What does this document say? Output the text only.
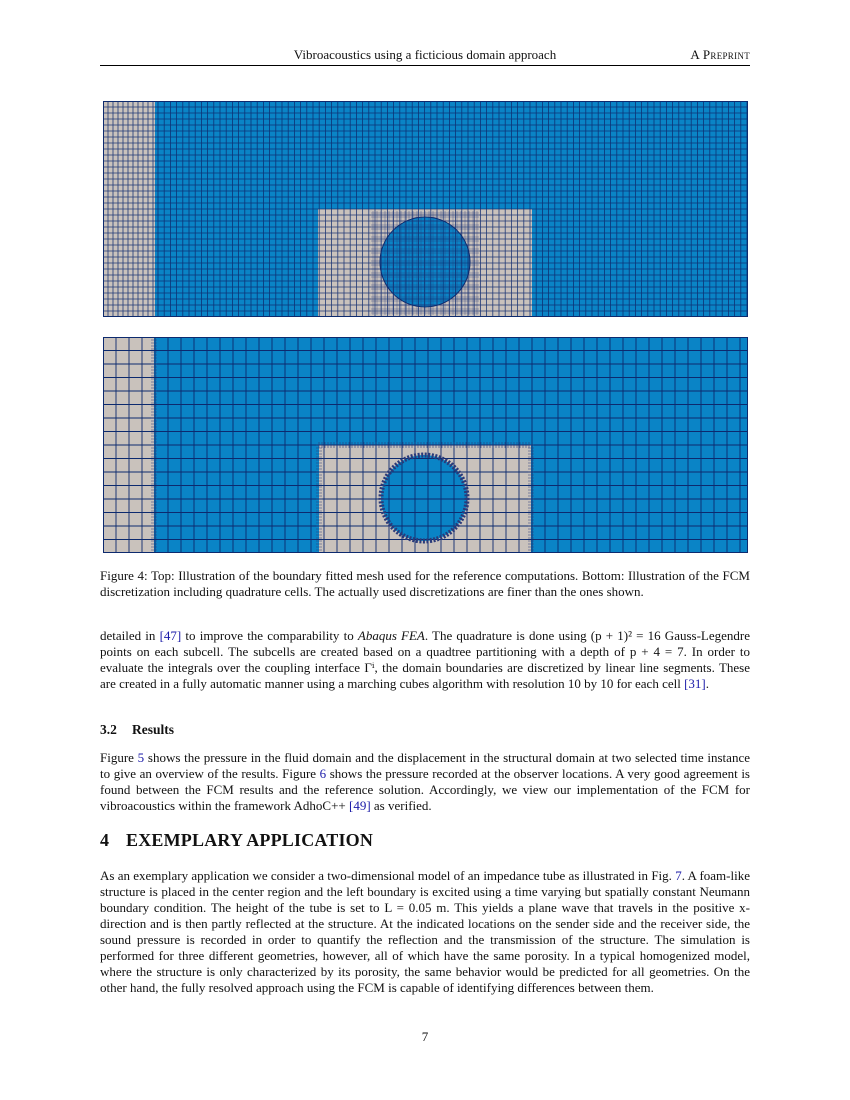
Vibroacoustics using a ficticious domain approach	A Preprint
Figure 4: Top: Illustration of the boundary fitted mesh used for the reference computations. Bottom: Illustration of the FCM discretization including quadrature cells. The actually used discretizations are finer than the ones shown.
detailed in [47] to improve the comparability to Abaqus FEA. The quadrature is done using (p + 1)² = 16 Gauss-Legendre points on each subcell. The subcells are created based on a quadtree partitioning with a depth of p + 4 = 7. In order to evaluate the integrals over the coupling interface Γⁱ, the domain boundaries are discretized by linear line segments. These are created in a fully automatic manner using a marching cubes algorithm with resolution 10 by 10 for each cell [31].
3.2 Results
Figure 5 shows the pressure in the fluid domain and the displacement in the structural domain at two selected time instance to give an overview of the results. Figure 6 shows the pressure recorded at the observer locations. A very good agreement is found between the FCM results and the reference solution. Accordingly, we view our implementation of the FCM for vibroacoustics within the framework AdhoC++ [49] as verified.
4 EXEMPLARY APPLICATION
As an exemplary application we consider a two-dimensional model of an impedance tube as illustrated in Fig. 7. A foam-like structure is placed in the center region and the left boundary is excited using a time varying but spatially constant Neumann boundary condition. The height of the tube is set to L = 0.05 m. This yields a plane wave that travels in the positive x-direction and is then partly reflected at the structure. At the indicated locations on the sender side and the receiver side, the sound pressure is recorded in order to quantify the reflection and the transmission of the structure. The simulation is performed for three different geometries, however, all of which have the same porosity. In a typical homogenized model, where the structure is only characterized by its porosity, the same behavior would be predicted for all geometries. On the other hand, the fully resolved approach using the FCM is capable of identifying differences between them.
7
